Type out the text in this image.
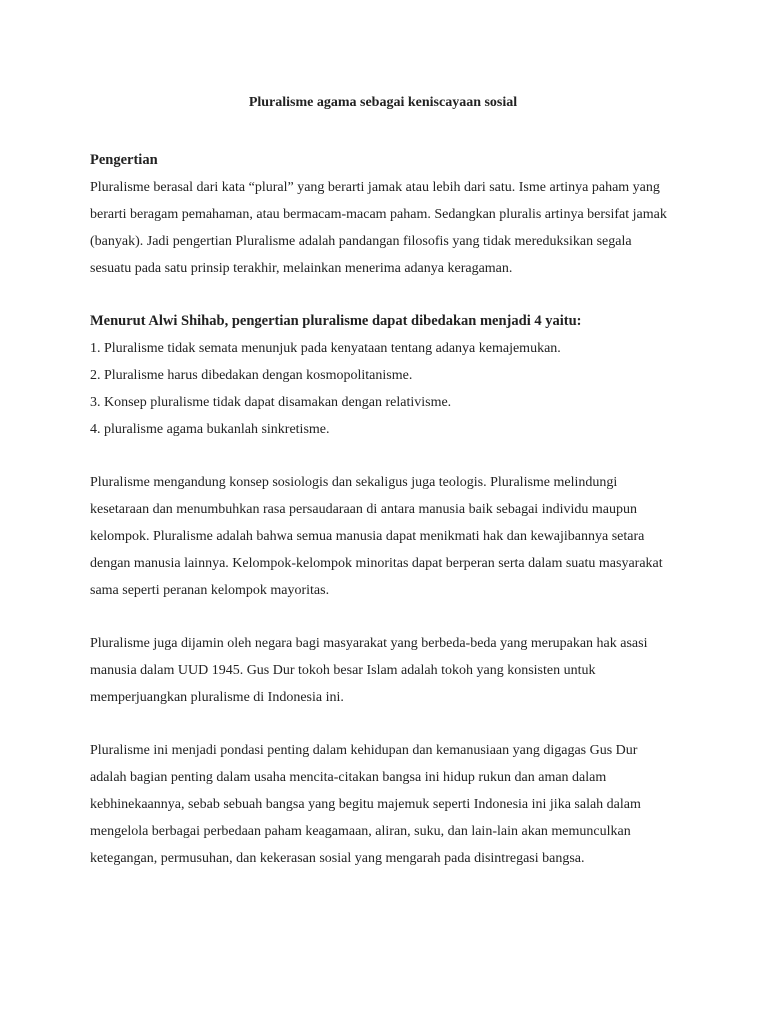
Pluralisme agama sebagai keniscayaan sosial
Pengertian

Pluralisme berasal dari kata “plural” yang berarti jamak atau lebih dari satu. Isme artinya paham yang berarti beragam pemahaman, atau bermacam-macam paham. Sedangkan pluralis artinya bersifat jamak (banyak). Jadi pengertian Pluralisme adalah pandangan filosofis yang tidak mereduksikan segala sesuatu pada satu prinsip terakhir, melainkan menerima adanya keragaman.

Menurut Alwi Shihab, pengertian pluralisme dapat dibedakan menjadi 4 yaitu:
1. Pluralisme tidak semata menunjuk pada kenyataan tentang adanya kemajemukan.
2. Pluralisme harus dibedakan dengan kosmopolitanisme.
3. Konsep pluralisme tidak dapat disamakan dengan relativisme.
4. pluralisme agama bukanlah sinkretisme.

Pluralisme mengandung konsep sosiologis dan sekaligus juga teologis. Pluralisme melindungi kesetaraan dan menumbuhkan rasa persaudaraan di antara manusia baik sebagai individu maupun kelompok. Pluralisme adalah bahwa semua manusia dapat menikmati hak dan kewajibannya setara dengan manusia lainnya. Kelompok-kelompok minoritas dapat berperan serta dalam suatu masyarakat sama seperti peranan kelompok mayoritas.

Pluralisme juga dijamin oleh negara bagi masyarakat yang berbeda-beda yang merupakan hak asasi manusia dalam UUD 1945. Gus Dur tokoh besar Islam adalah tokoh yang konsisten untuk memperjuangkan pluralisme di Indonesia ini.

Pluralisme ini menjadi pondasi penting dalam kehidupan dan kemanusiaan yang digagas Gus Dur adalah bagian penting dalam usaha mencita-citakan bangsa ini hidup rukun dan aman dalam kebhinekaannya, sebab sebuah bangsa yang begitu majemuk seperti Indonesia ini jika salah dalam mengelola berbagai perbedaan paham keagamaan, aliran, suku, dan lain-lain akan memunculkan ketegangan, permusuhan, dan kekerasan sosial yang mengarah pada disintregasi bangsa.
